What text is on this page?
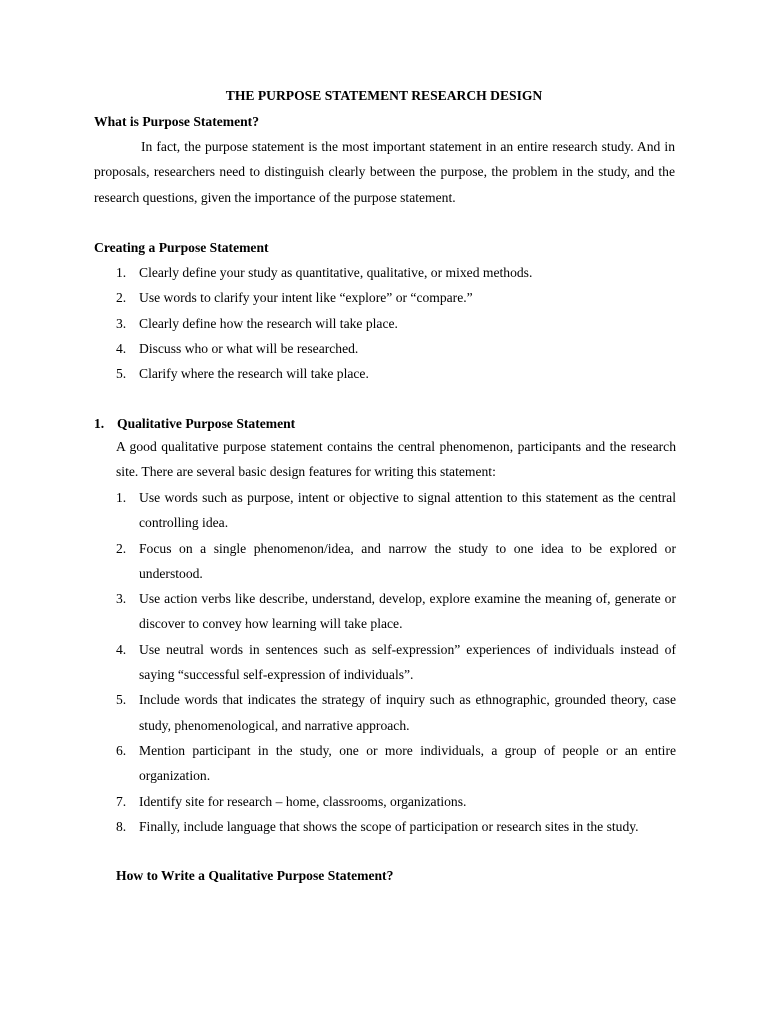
THE PURPOSE STATEMENT RESEARCH DESIGN
What is Purpose Statement?
In fact, the purpose statement is the most important statement in an entire research study. And in proposals, researchers need to distinguish clearly between the purpose, the problem in the study, and the research questions, given the importance of the purpose statement.
Creating a Purpose Statement
1. Clearly define your study as quantitative, qualitative, or mixed methods.
2. Use words to clarify your intent like “explore” or “compare.”
3. Clearly define how the research will take place.
4. Discuss who or what will be researched.
5. Clarify where the research will take place.
1. Qualitative Purpose Statement
A good qualitative purpose statement contains the central phenomenon, participants and the research site. There are several basic design features for writing this statement:
1. Use words such as purpose, intent or objective to signal attention to this statement as the central controlling idea.
2. Focus on a single phenomenon/idea, and narrow the study to one idea to be explored or understood.
3. Use action verbs like describe, understand, develop, explore examine the meaning of, generate or discover to convey how learning will take place.
4. Use neutral words in sentences such as self-expression” experiences of individuals instead of saying “successful self-expression of individuals”.
5. Include words that indicates the strategy of inquiry such as ethnographic, grounded theory, case study, phenomenological, and narrative approach.
6. Mention participant in the study, one or more individuals, a group of people or an entire organization.
7. Identify site for research – home, classrooms, organizations.
8. Finally, include language that shows the scope of participation or research sites in the study.
How to Write a Qualitative Purpose Statement?
